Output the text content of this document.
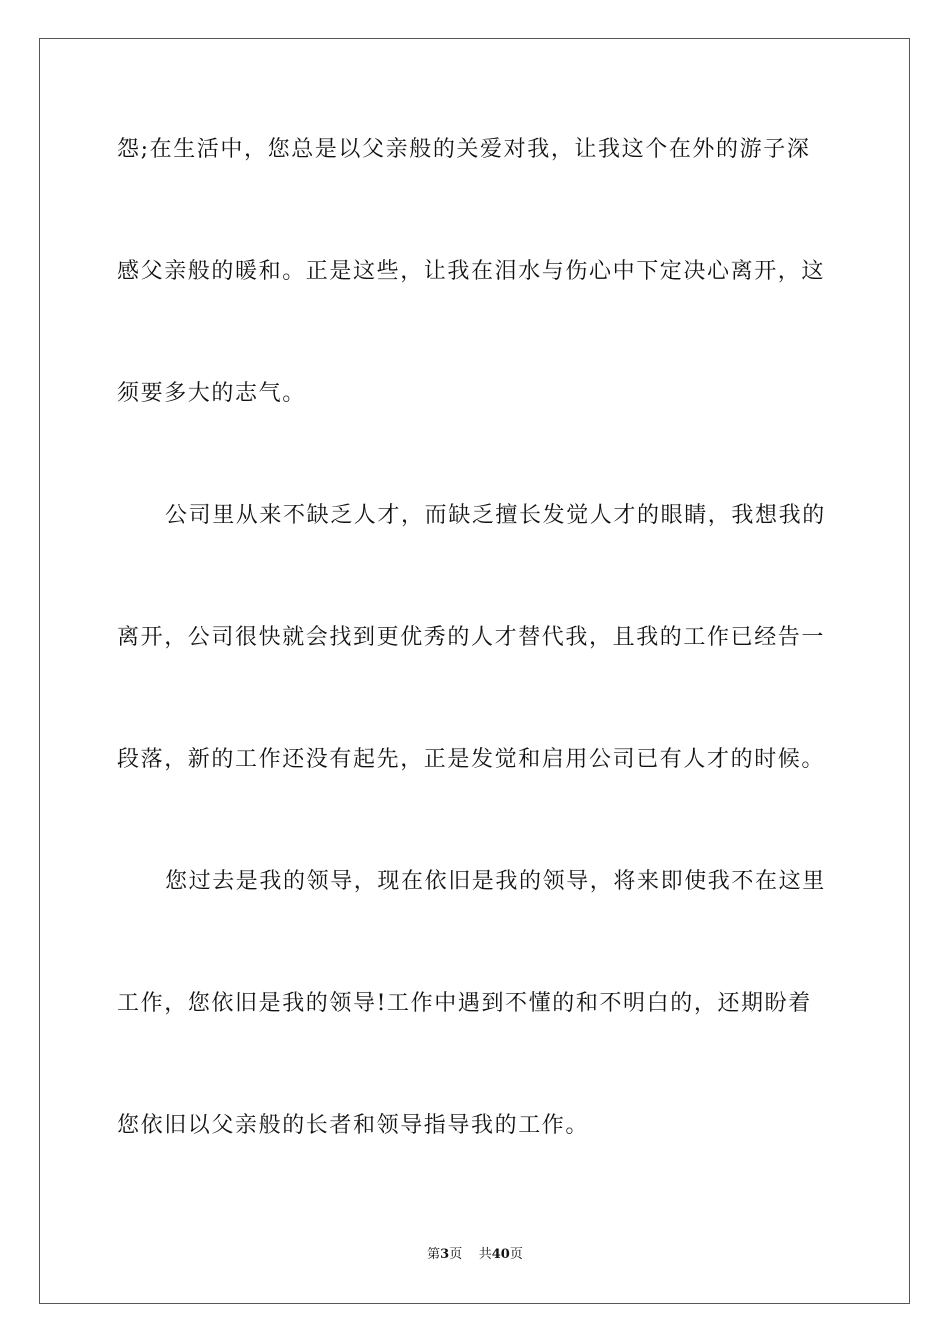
怨;在生活中，您总是以父亲般的关爱对我，让我这个在外的游子深
感父亲般的暖和。正是这些，让我在泪水与伤心中下定决心离开，这
须要多大的志气。
公司里从来不缺乏人才，而缺乏擅长发觉人才的眼睛，我想我的
离开，公司很快就会找到更优秀的人才替代我，且我的工作已经告一
段落，新的工作还没有起先，正是发觉和启用公司已有人才的时候。
您过去是我的领导，现在依旧是我的领导，将来即使我不在这里
工作，您依旧是我的领导!工作中遇到不懂的和不明白的，还期盼着
您依旧以父亲般的长者和领导指导我的工作。
第3页 共40页
